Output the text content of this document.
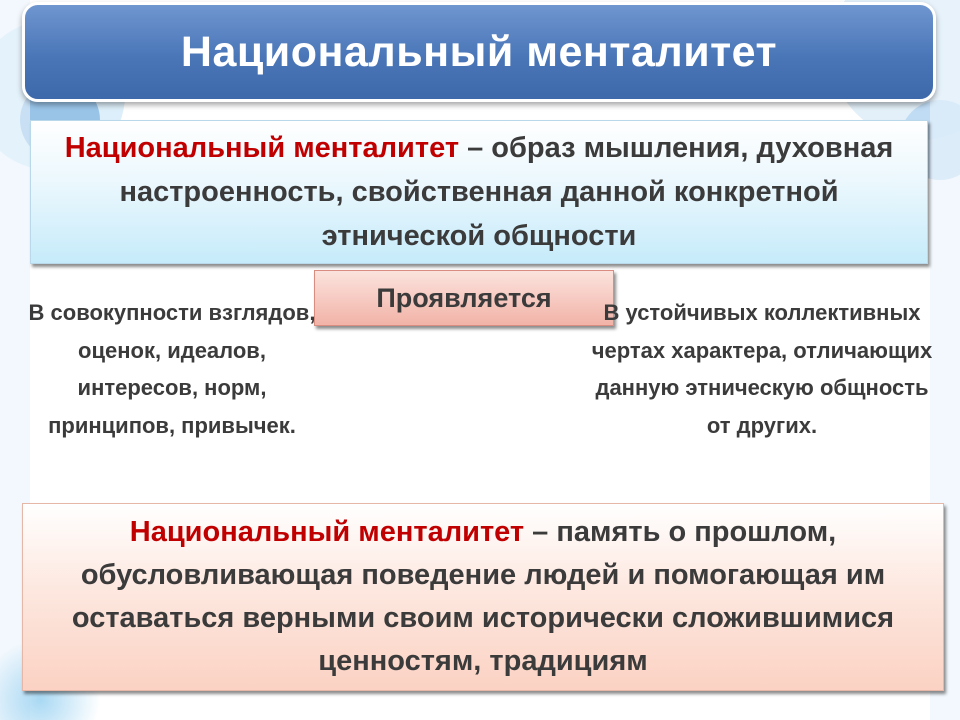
Национальный менталитет
Национальный менталитет – образ мышления, духовная настроенность, свойственная данной конкретной этнической общности
Проявляется
В совокупности взглядов, оценок, идеалов, интересов, норм, принципов, привычек.
В устойчивых коллективных чертах характера, отличающих данную этническую общность от других.
Национальный менталитет – память о прошлом, обусловливающая поведение людей и помогающая им оставаться верными своим исторически сложившимися ценностям, традициям
